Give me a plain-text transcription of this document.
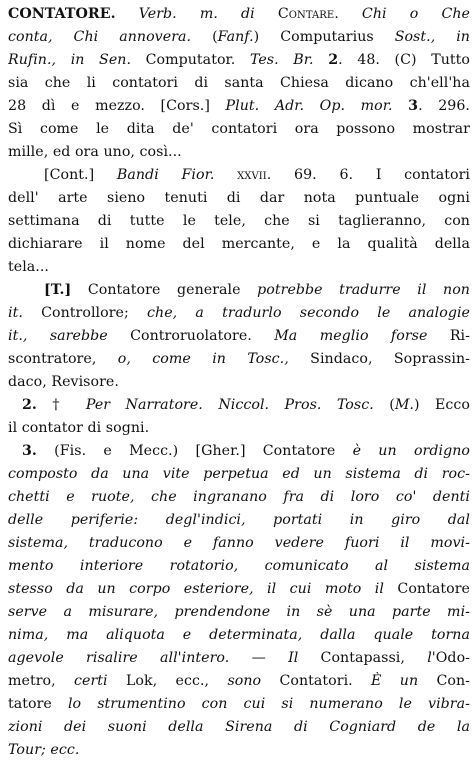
CONTATORE. Verb. m. di Contare. Chi o Che
conta, Chi annovera. (Fanf.) Computarius Sost., in
Rufin., in Sen. Computator. Tes. Br. 2. 48. (C) Tutto
sia che li contatori di santa Chiesa dicano ch'ell'ha
28 dì e mezzo. [Cors.] Plut. Adr. Op. mor. 3. 296.
Sì come le dita de' contatori ora possono mostrar
mille, ed ora uno, così...
[Cont.] Bandi Fior. xxvii. 69. 6. I contatori
dell' arte sieno tenuti di dar nota puntuale ogni
settimana di tutte le tele, che si taglieranno, con
dichiarare il nome del mercante, e la qualità della
tela...
[T.] Contatore generale potrebbe tradurre il non
it. Controllore; che, a tradurlo secondo le analogie
it., sarebbe Controruolatore. Ma meglio forse Ri-
scontratore, o, come in Tosc., Sindaco, Soprassin-
daco, Revisore.
2. † Per Narratore. Niccol. Pros. Tosc. (M.) Ecco
il contator di sogni.
3. (Fis. e Mecc.) [Gher.] Contatore è un ordigno
composto da una vite perpetua ed un sistema di roc-
chetti e ruote, che ingranano fra di loro co' denti
delle periferie: degl'indici, portati in giro dal
sistema, traducono e fanno vedere fuori il movi-
mento interiore rotatorio, comunicato al sistema
stesso da un corpo esteriore, il cui moto il Contatore
serve a misurare, prendendone in sè una parte mi-
nima, ma aliquota e determinata, dalla quale torna
agevole risalire all'intero. — Il Contapassi, l'Odo-
metro, certi Lok, ecc., sono Contatori. È un Con-
tatore lo strumentino con cui si numerano le vibra-
zioni dei suoni della Sirena di Cogniard de la
Tour; ecc.
